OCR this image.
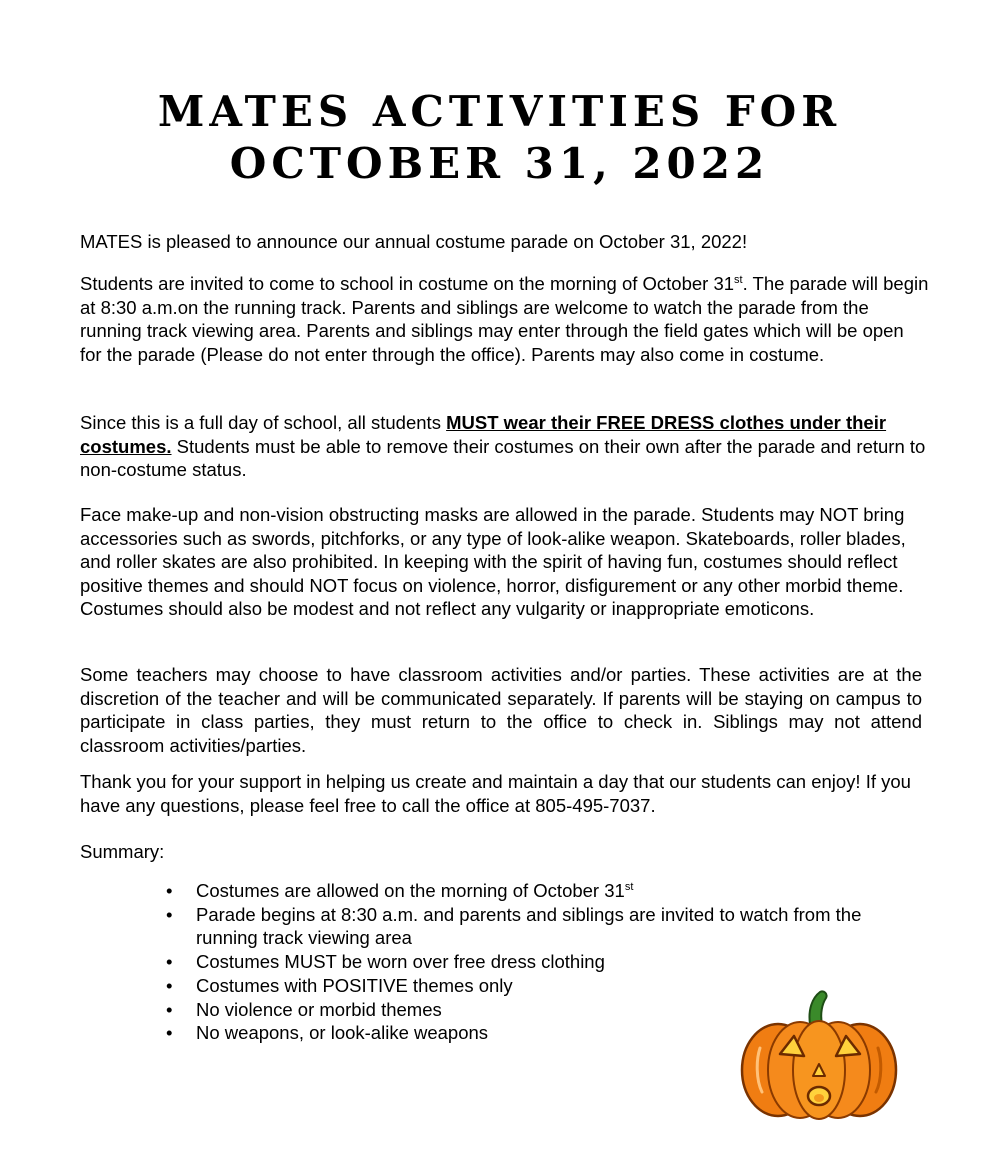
MATES ACTIVITIES FOR
OCTOBER 31, 2022
MATES is pleased to announce our annual costume parade on October 31, 2022!
Students are invited to come to school in costume on the morning of October 31st. The parade will begin at 8:30 a.m.on the running track. Parents and siblings are welcome to watch the parade from the running track viewing area. Parents and siblings may enter through the field gates which will be open for the parade (Please do not enter through the office). Parents may also come in costume.
Since this is a full day of school, all students MUST wear their FREE DRESS clothes under their costumes. Students must be able to remove their costumes on their own after the parade and return to non-costume status.
Face make-up and non-vision obstructing masks are allowed in the parade. Students may NOT bring accessories such as swords, pitchforks, or any type of look-alike weapon. Skateboards, roller blades, and roller skates are also prohibited. In keeping with the spirit of having fun, costumes should reflect positive themes and should NOT focus on violence, horror, disfigurement or any other morbid theme. Costumes should also be modest and not reflect any vulgarity or inappropriate emoticons.
Some teachers may choose to have classroom activities and/or parties. These activities are at the discretion of the teacher and will be communicated separately. If parents will be staying on campus to participate in class parties, they must return to the office to check in. Siblings may not attend classroom activities/parties.
Thank you for your support in helping us create and maintain a day that our students can enjoy! If you have any questions, please feel free to call the office at 805-495-7037.
Summary:
• Costumes are allowed on the morning of October 31st
• Parade begins at 8:30 a.m. and parents and siblings are invited to watch from the running track viewing area
• Costumes MUST be worn over free dress clothing
• Costumes with POSITIVE themes only
• No violence or morbid themes
• No weapons, or look-alike weapons
